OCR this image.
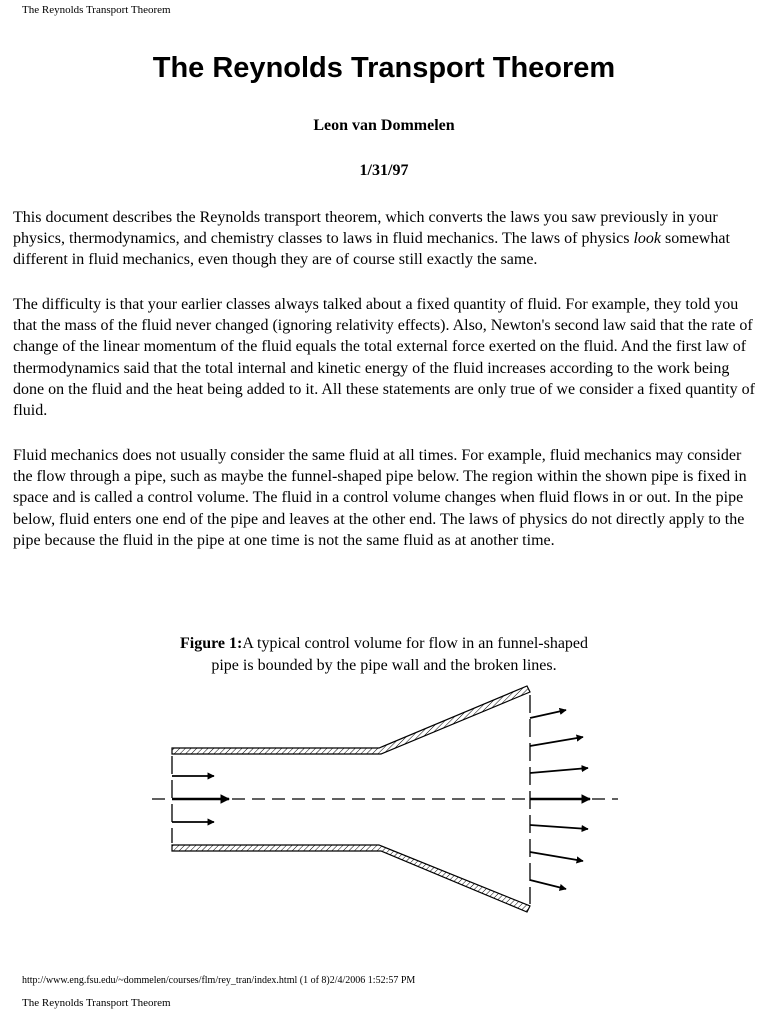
The Reynolds Transport Theorem
The Reynolds Transport Theorem
Leon van Dommelen
1/31/97

This document describes the Reynolds transport theorem, which converts the laws you saw previously in your physics, thermodynamics, and chemistry classes to laws in fluid mechanics. The laws of physics look somewhat different in fluid mechanics, even though they are of course still exactly the same.

The difficulty is that your earlier classes always talked about a fixed quantity of fluid. For example, they told you that the mass of the fluid never changed (ignoring relativity effects). Also, Newton's second law said that the rate of change of the linear momentum of the fluid equals the total external force exerted on the fluid. And the first law of thermodynamics said that the total internal and kinetic energy of the fluid increases according to the work being done on the fluid and the heat being added to it. All these statements are only true of we consider a fixed quantity of fluid.

Fluid mechanics does not usually consider the same fluid at all times. For example, fluid mechanics may consider the flow through a pipe, such as maybe the funnel-shaped pipe below. The region within the shown pipe is fixed in space and is called a control volume. The fluid in a control volume changes when fluid flows in or out. In the pipe below, fluid enters one end of the pipe and leaves at the other end. The laws of physics do not directly apply to the pipe because the fluid in the pipe at one time is not the same fluid as at another time.

Figure 1:A typical control volume for flow in an funnel-shaped
pipe is bounded by the pipe wall and the broken lines.
http://www.eng.fsu.edu/~dommelen/courses/flm/rey_tran/index.html (1 of 8)2/4/2006 1:52:57 PM
The Reynolds Transport Theorem
